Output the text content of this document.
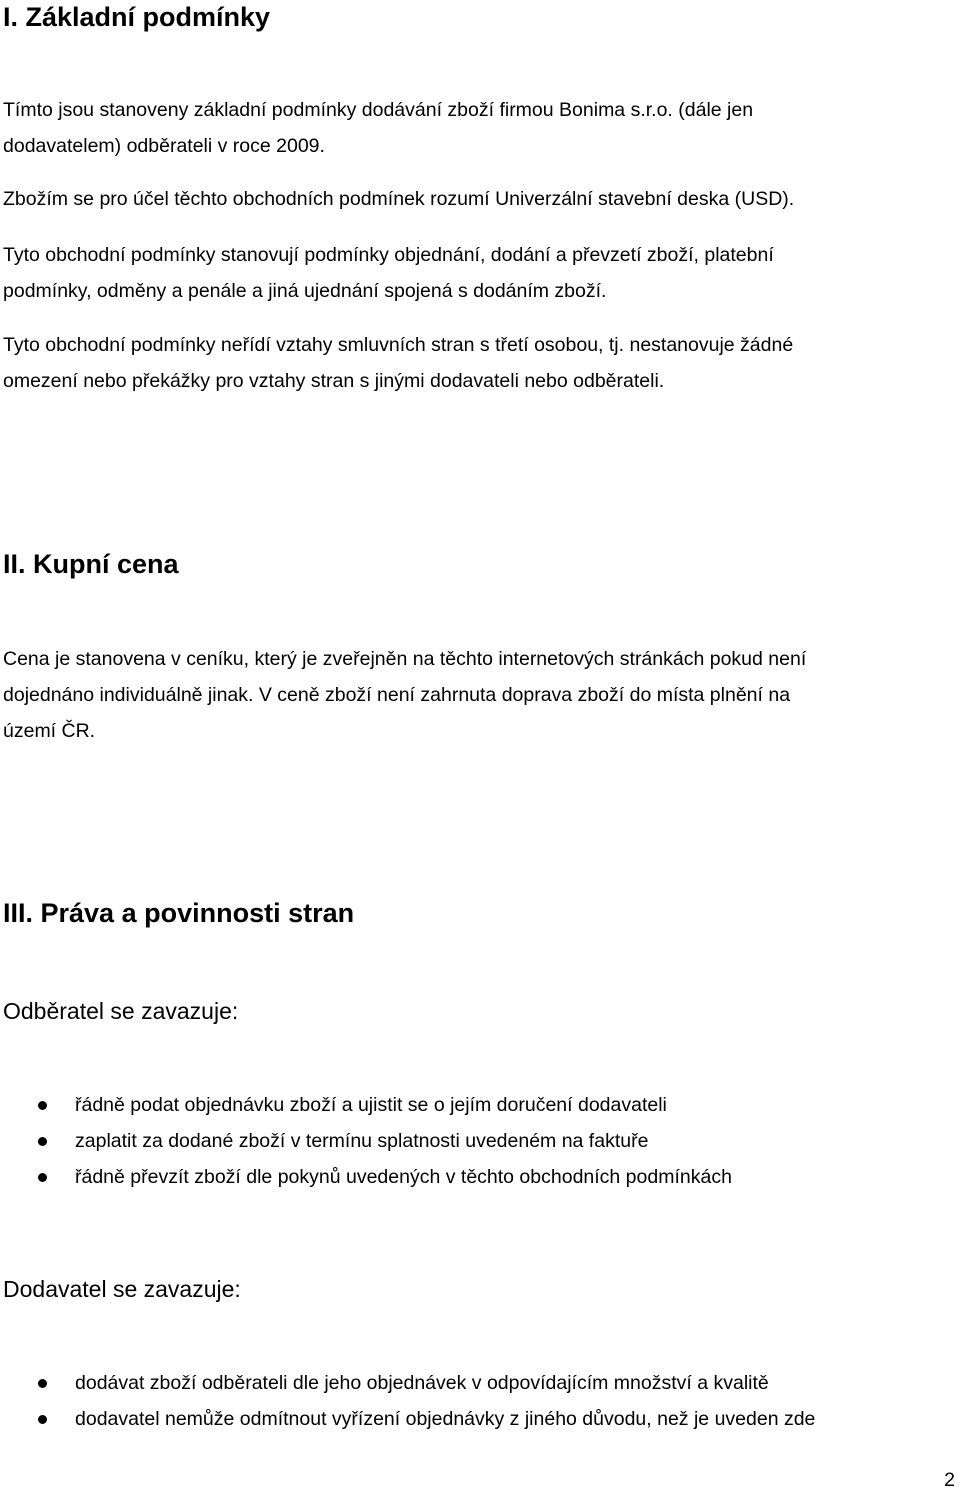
I. Základní podmínky

Tímto jsou stanoveny základní podmínky dodávání zboží firmou Bonima s.r.o. (dále jen
dodavatelem) odběrateli v roce 2009.

Zbožím se pro účel těchto obchodních podmínek rozumí Univerzální stavební deska (USD).

Tyto obchodní podmínky stanovují podmínky objednání, dodání a převzetí zboží, platební
podmínky, odměny a penále a jiná ujednání spojená s dodáním zboží.

Tyto obchodní podmínky neřídí vztahy smluvních stran s třetí osobou, tj. nestanovuje žádné
omezení nebo překážky pro vztahy stran s jinými dodavateli nebo odběrateli.

II. Kupní cena

Cena je stanovena v ceníku, který je zveřejněn na těchto internetových stránkách pokud není
dojednáno individuálně jinak. V ceně zboží není zahrnuta doprava zboží do místa plnění na
území ČR.

III. Práva a povinnosti stran
Odběratel se zavazuje:
řádně podat objednávku zboží a ujistit se o jejím doručení dodavateli
zaplatit za dodané zboží v termínu splatnosti uvedeném na faktuře
řádně převzít zboží dle pokynů uvedených v těchto obchodních podmínkách
Dodavatel se zavazuje:
dodávat zboží odběrateli dle jeho objednávek v odpovídajícím množství a kvalitě
dodavatel nemůže odmítnout vyřízení objednávky z jiného důvodu, než je uveden zde
2
